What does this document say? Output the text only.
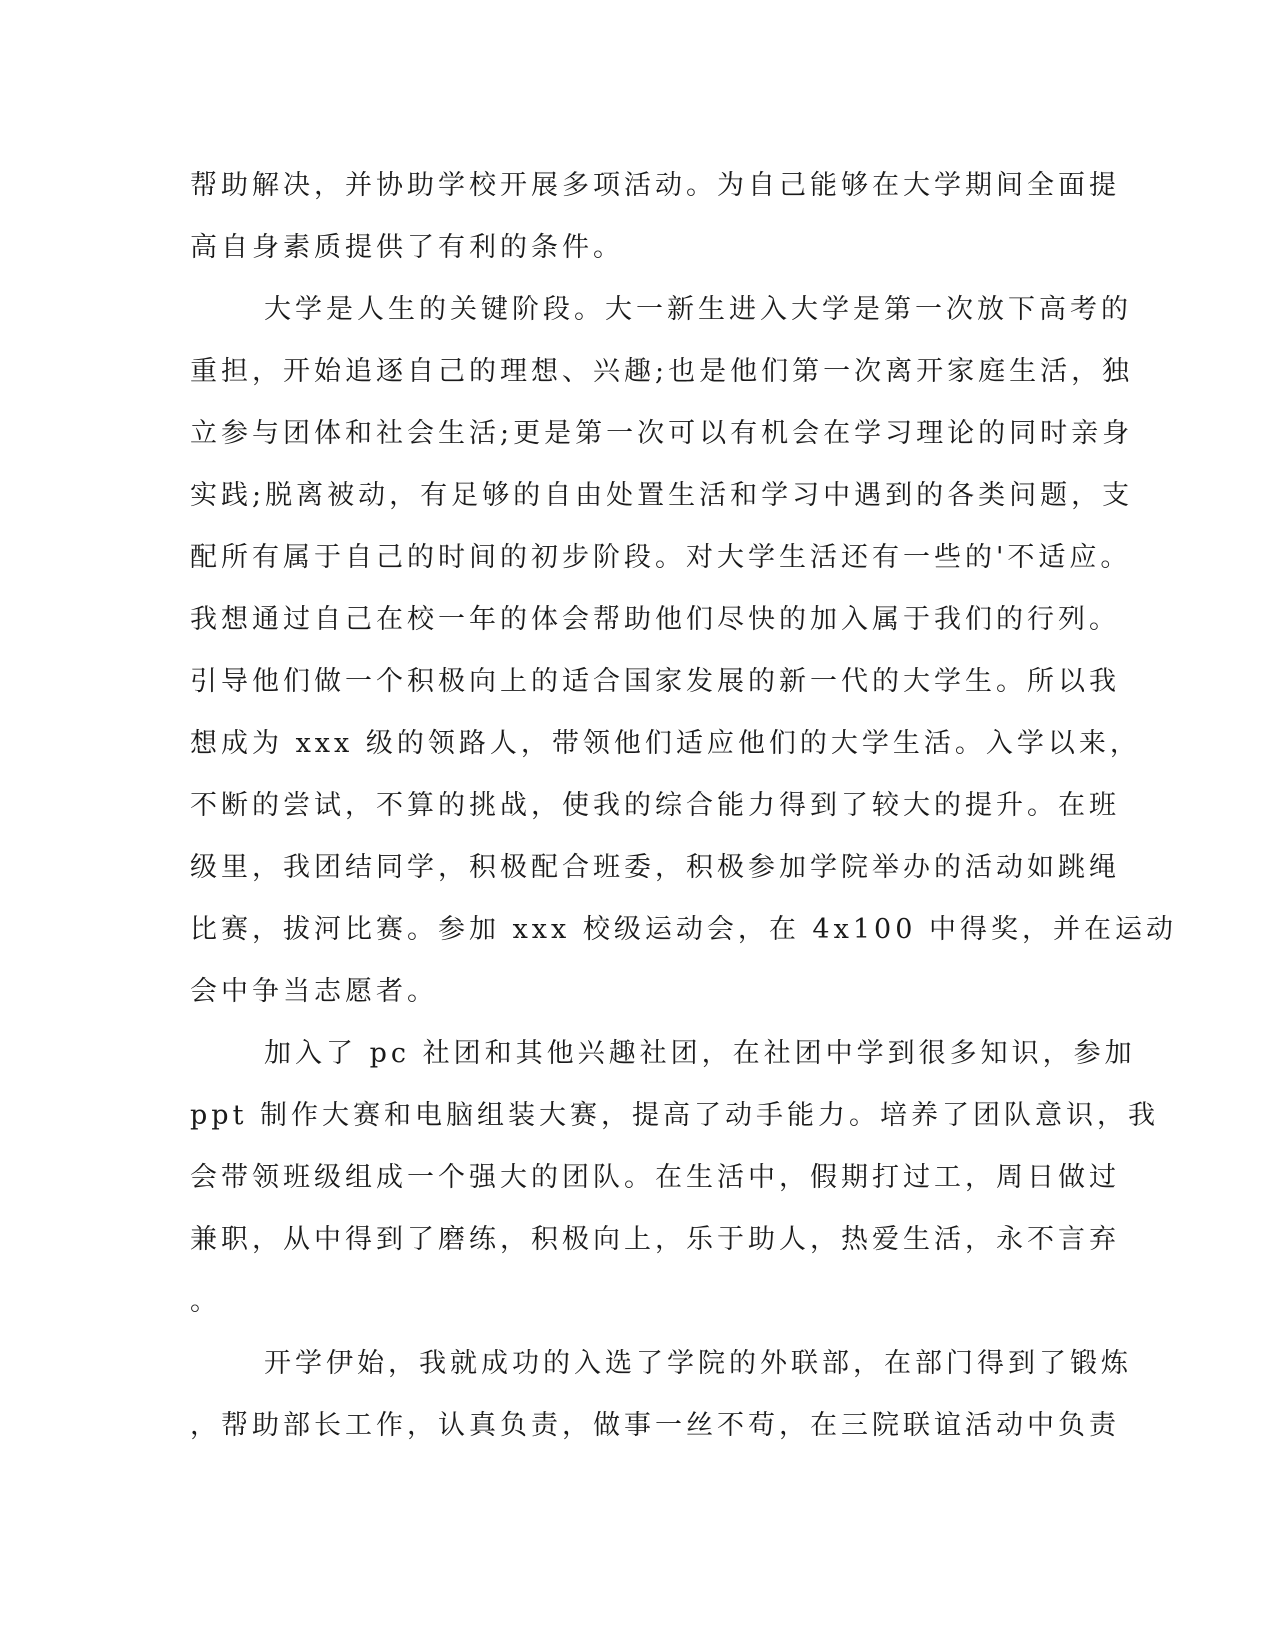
帮助解决，并协助学校开展多项活动。为自己能够在大学期间全面提
高自身素质提供了有利的条件。
大学是人生的关键阶段。大一新生进入大学是第一次放下高考的
重担，开始追逐自己的理想、兴趣;也是他们第一次离开家庭生活，独
立参与团体和社会生活;更是第一次可以有机会在学习理论的同时亲身
实践;脱离被动，有足够的自由处置生活和学习中遇到的各类问题，支
配所有属于自己的时间的初步阶段。对大学生活还有一些的'不适应。
我想通过自己在校一年的体会帮助他们尽快的加入属于我们的行列。
引导他们做一个积极向上的适合国家发展的新一代的大学生。所以我
想成为 xxx 级的领路人，带领他们适应他们的大学生活。入学以来，
不断的尝试，不算的挑战，使我的综合能力得到了较大的提升。在班
级里，我团结同学，积极配合班委，积极参加学院举办的活动如跳绳
比赛，拔河比赛。参加 xxx 校级运动会，在 4x100 中得奖，并在运动
会中争当志愿者。
加入了 pc 社团和其他兴趣社团，在社团中学到很多知识，参加
ppt 制作大赛和电脑组装大赛，提高了动手能力。培养了团队意识，我
会带领班级组成一个强大的团队。在生活中，假期打过工，周日做过
兼职，从中得到了磨练，积极向上，乐于助人，热爱生活，永不言弃
。
开学伊始，我就成功的入选了学院的外联部，在部门得到了锻炼
，帮助部长工作，认真负责，做事一丝不苟，在三院联谊活动中负责
